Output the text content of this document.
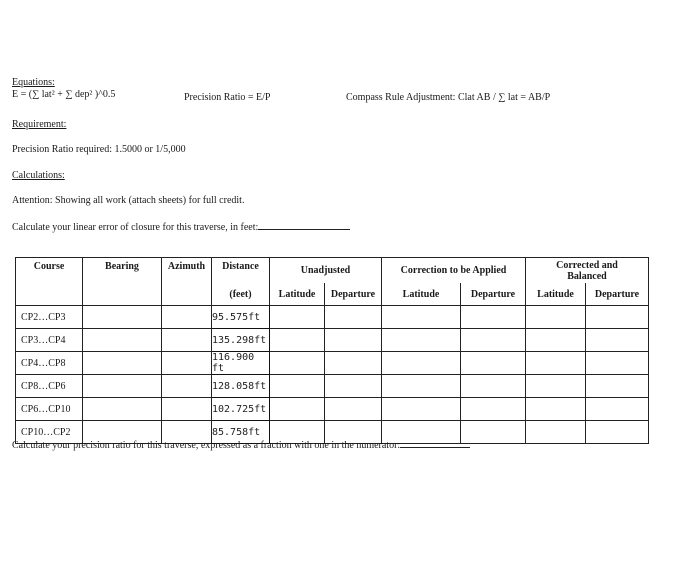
Equations:
E = (∑ lat² + ∑ dep² )^0.5	Precision Ratio = E/P	Compass Rule Adjustment: Clat AB / ∑ lat = AB/P
Requirement:
Precision Ratio required: 1.5000 or 1/5,000
Calculations:
Attention: Showing all work (attach sheets) for full credit.
Calculate your linear error of closure for this traverse, in feet:
Course	Bearing	Azimuth	Distance	Unadjusted		Correction to be Applied		Corrected and Balanced	
			(feet)	Latitude	Departure	Latitude	Departure	Latitude	Departure
CP2…CP3			95.575ft						
CP3…CP4			135.298ft						
CP4…CP8			116.900 ft						
CP8…CP6			128.058ft						
CP6…CP10			102.725ft						
CP10…CP2			85.758ft						
Calculate your precision ratio for this traverse, expressed as a fraction with one in the numerator:
